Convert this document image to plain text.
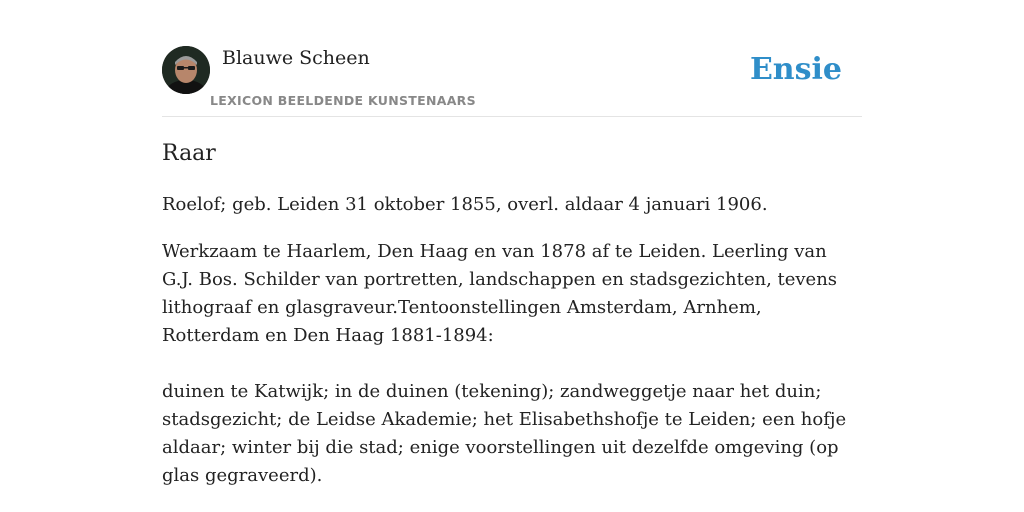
Blauwe Scheen
LEXICON BEELDENDE KUNSTENAARS
Ensie
Raar

Roelof; geb. Leiden 31 oktober 1855, overl. aldaar 4 januari 1906.

Werkzaam te Haarlem, Den Haag en van 1878 af te Leiden. Leerling van G.J. Bos. Schilder van portretten, landschappen en stadsgezichten, tevens lithograaf en glasgraveur.Tentoonstellingen Amsterdam, Arnhem, Rotterdam en Den Haag 1881-1894:

duinen te Katwijk; in de duinen (tekening); zandweggetje naar het duin; stadsgezicht; de Leidse Akademie; het Elisabethshofje te Leiden; een hofje aldaar; winter bij die stad; enige voorstellingen uit dezelfde omgeving (op glas gegraveerd).
